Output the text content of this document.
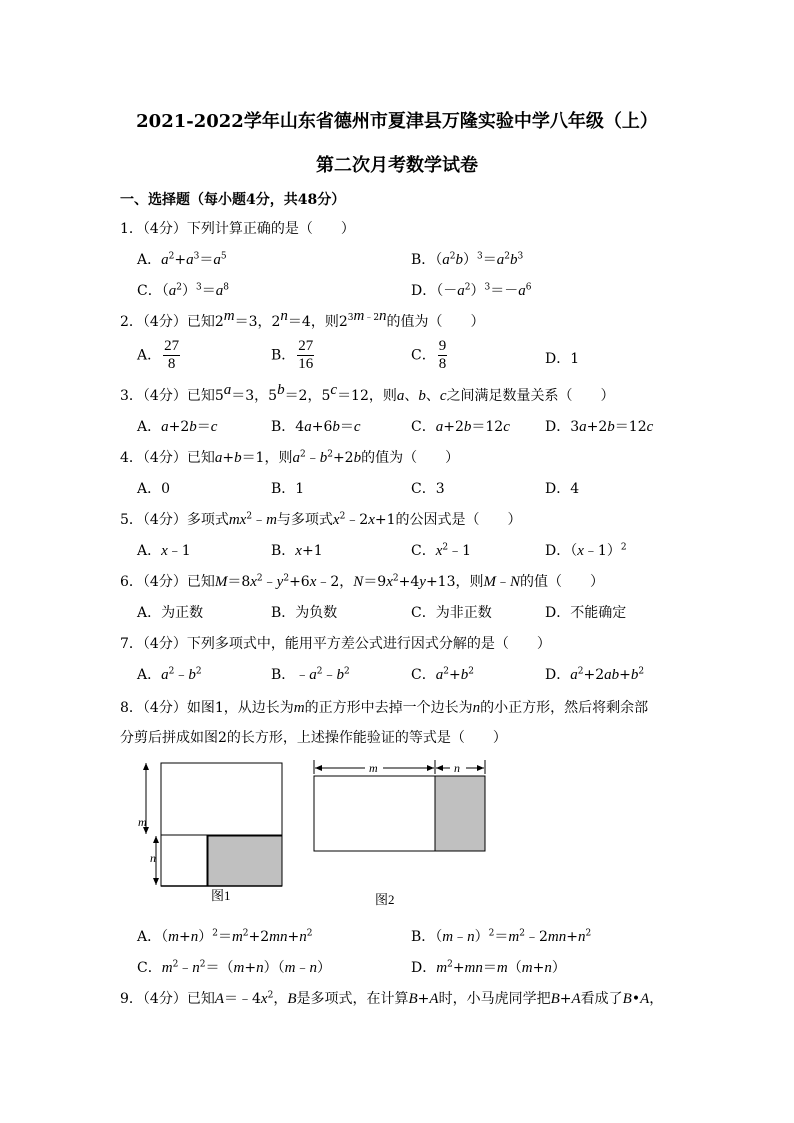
2021-2022学年山东省德州市夏津县万隆实验中学八年级（上）
第二次月考数学试卷
一、选择题（每小题4分，共48分）
1．（4分）下列计算正确的是（　　）
A．$a^2+a^3=a^5$	B．$(a^2b)^3=a^2b^3$
C．$(a^2)^3=a^8$	D．$(-a^2)^3=-a^6$
2．（4分）已知$2^m=3$，$2^n=4$，则$2^{3m﹣2n}$的值为（　　）
A． $\frac{27}{8}$	B． $\frac{27}{16}$	C． $\frac{9}{8}$	D．1
3．（4分）已知$5^a=3$，$5^b=2$，$5^c=12$，则a、b、c之间满足数量关系（　　）
A．a+2b＝c	B．4a+6b＝c	C．a+2b＝12c	D．3a+2b＝12c
4．（4分）已知a+b＝1，则$a^2﹣b^2+2b$的值为（　　）
A．0	B．1	C．3	D．4
5．（4分）多项式$mx^2﹣m$与多项式$x^2﹣2x+1$的公因式是（　　）
A．x﹣1	B．x+1	C．$x^2﹣1$	D．（x﹣1）$^2$
6．（4分）已知$M=8x^2﹣y^2+6x﹣2$，$N=9x^2+4y+13$，则M﹣N的值（　　）
A．为正数	B．为负数	C．为非正数	D．不能确定
7．（4分）下列多项式中，能用平方差公式进行因式分解的是（　　）
A．$a^2﹣b^2$	B．$﹣a^2﹣b^2$	C．$a^2+b^2$	D．$a^2+2ab+b^2$
8．（4分）如图1，从边长为m的正方形中去掉一个边长为n的小正方形，然后将剩余部
分剪后拼成如图2的长方形，上述操作能验证的等式是（　　）
m
n
图1
m	n
图2
A．$(m+n)^2=m^2+2mn+n^2$	B．$(m﹣n)^2=m^2﹣2mn+n^2$
C．$m^2﹣n^2=(m+n)(m﹣n)$	D．$m^2+mn=m(m+n)$
9．（4分）已知$A=﹣4x^2$，B是多项式，在计算B+A时，小马虎同学把B+A看成了B•A，
